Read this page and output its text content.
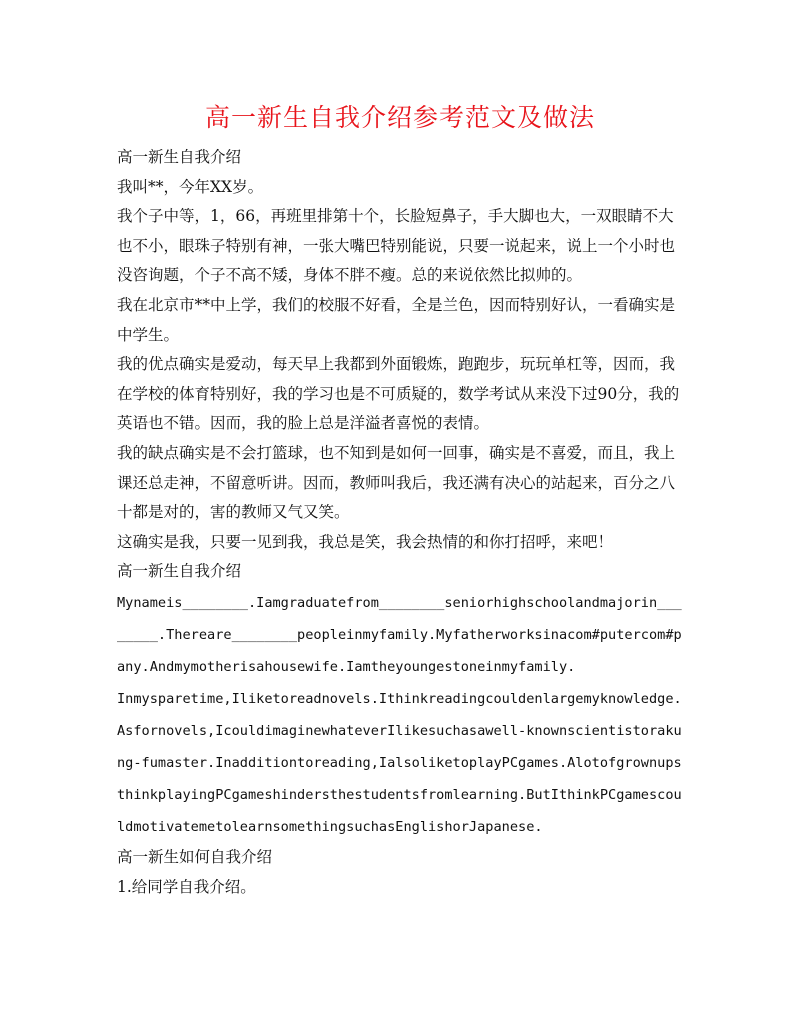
高一新生自我介绍参考范文及做法

高一新生自我介绍

我叫**，今年XX岁。

我个子中等，1，66，再班里排第十个，长脸短鼻子，手大脚也大，一双眼睛不大也不小，眼珠子特别有神，一张大嘴巴特别能说，只要一说起来，说上一个小时也没咨询题，个子不高不矮，身体不胖不瘦。总的来说依然比拟帅的。

我在北京市**中上学，我们的校服不好看，全是兰色，因而特别好认，一看确实是中学生。

我的优点确实是爱动，每天早上我都到外面锻炼，跑跑步，玩玩单杠等，因而，我在学校的体育特别好，我的学习也是不可质疑的，数学考试从来没下过90分，我的英语也不错。因而，我的脸上总是洋溢者喜悦的表情。

我的缺点确实是不会打篮球，也不知到是如何一回事，确实是不喜爱，而且，我上课还总走神，不留意听讲。因而，教师叫我后，我还满有决心的站起来，百分之八十都是对的，害的教师又气又笑。

这确实是我，只要一见到我，我总是笑，我会热情的和你打招呼，来吧！

高一新生自我介绍

Mynameis________.Iamgraduatefrom________seniorhighschoolandmajorin________.Thereare________peopleinmyfamily.Myfatherworksinacom#putercom#pany.Andmymotherisahousewife.Iamtheyoungestoneinmyfamily.

Inmysparetime,Iliketoreadnovels.Ithinkreadingcouldenlargemyknowledge.Asfornovels,IcouldimaginewhateverIlikesuchasawell-knownscientistorakung-fumaster.Inadditiontoreading,IalsoliketoplayPCgames.AlotofgrownupsthinkplayingPCgameshindersthestudentsfromlearning.ButIthinkPCgamescouldmotivatemetolearnsomethingsuchasEnglishorJapanese.

高一新生如何自我介绍

1.给同学自我介绍。
